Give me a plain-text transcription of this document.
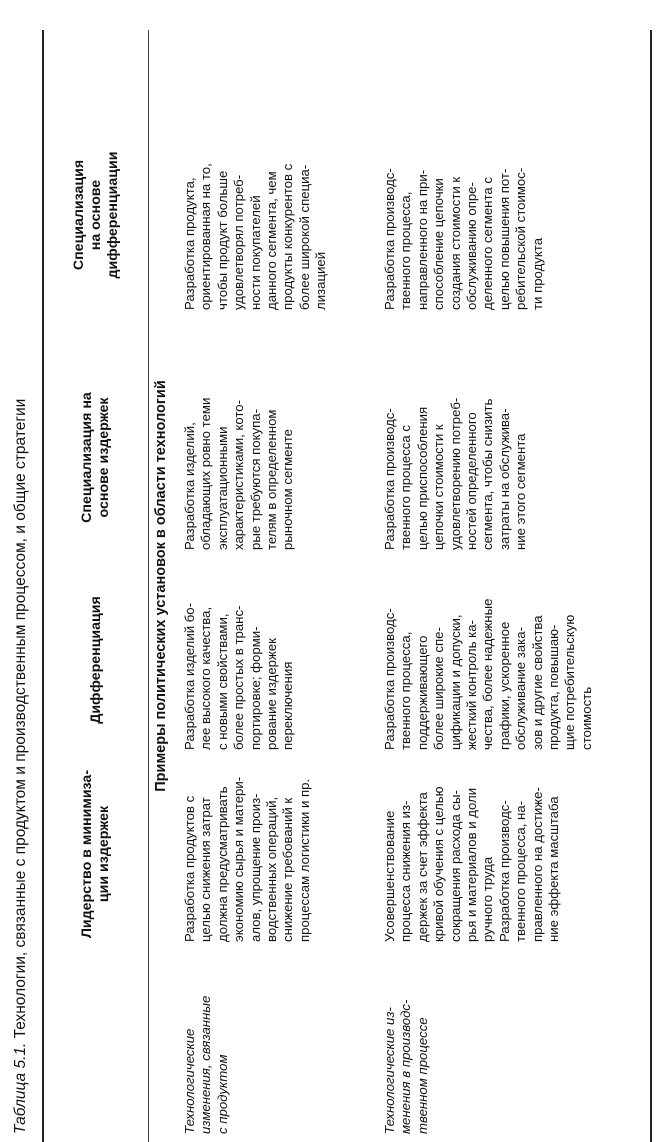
Таблица 5.1. Технологии, связанные с продуктом и производственным процессом, и общие стратегии	Лидерство в минимиза- ции издержек
Дифференциация
Специализация на основе издержек
Специализация на основе дифференциации
Примеры политических установок в области технологий
Технологические изменения, связанные с продуктом
Разработка продуктов с целью снижения затрат должна предусматривать экономию сырья и матери- алов, упрощение произ- водственных операций, снижение требований к процессам логистики и пр.
Разработка изделий бо- лее высокого качества, с новыми свойствами, более простых в транс- портировке; форми- рование издержек переключения
Разработка изделий, обладающих ровно теми эксплуатационными характеристиками, кото- рые требуются покупа- телям в определенном рыночном сегменте
Разработка продукта, ориентированная на то, чтобы продукт больше удовлетворял потреб- ности покупателей данного сегмента, чем продукты конкурентов с более широкой специа- лизацией
Технологические из- менения в производс- твенном процессе
Усовершенствование процесса снижения из- держек за счет эффекта кривой обучения с целью сокращения расхода сы- рья и материалов и доли ручного труда Разработка производс- твенного процесса, на- правленного на достиже- ние эффекта масштаба
Разработка производс- твенного процесса, поддерживающего более широкие спе- цификации и допуски, жесткий контроль ка- чества, более надежные графики, ускоренное обслуживание зака- зов и другие свойства продукта, повышаю- щие потребительскую стоимость
Разработка производс- твенного процесса с целью приспособления цепочки стоимости к удовлетворению потреб- ностей определенного сегмента, чтобы снизить затраты на обслужива- ние этого сегмента
Разработка производс- твенного процесса, направленного на при- способление цепочки создания стоимости к обслуживанию опре- деленного сегмента с целью повышения пот- ребительской стоимос- ти продукта
